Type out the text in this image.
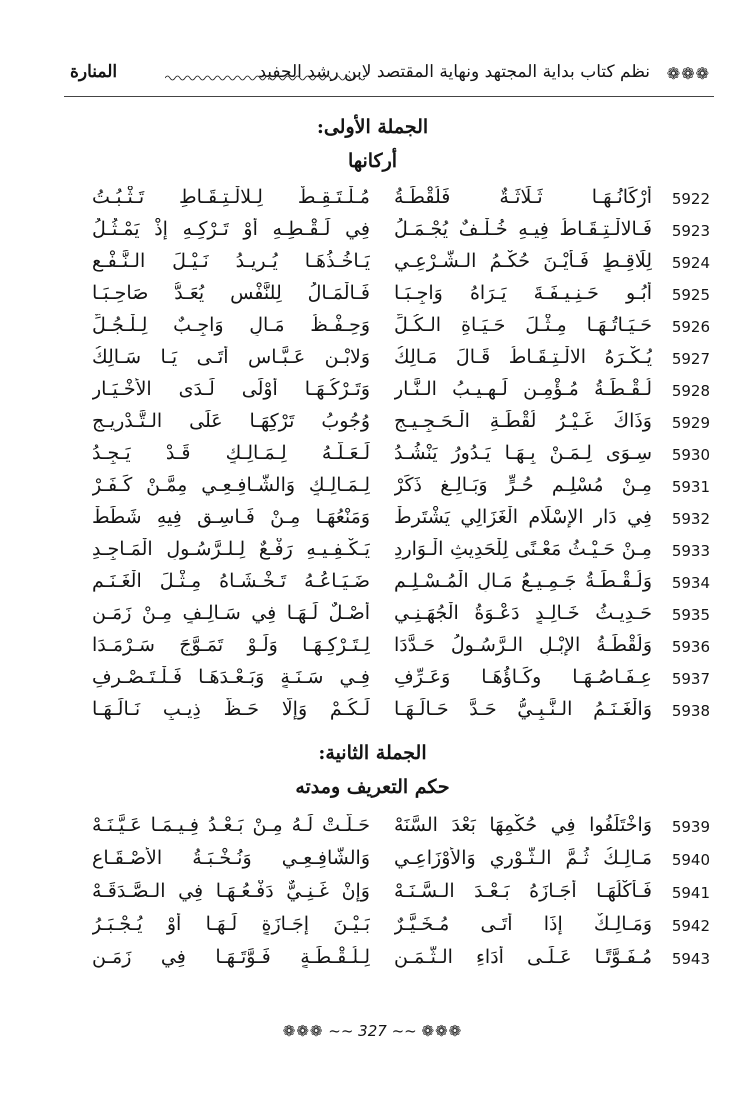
❁❁❁
نظم كتاب بداية المجتهد ونهاية المقتصد لابن رشد الحفيد
المنارة
الجملة الأولى:
أركانها
5922
أَرْكَانُـهَـا ثَـلَاثَـةٌ فَلُقْطَـةُ
مُـلْـتَـقِـطٌ لِـلالْـتِـقَـاطِ تَـثْـبُـتُ
5923
فَـالالْـتِـقَـاطُ فِيـهِ خُـلْـفٌ يُجْـمَـلُ
فِي لَـقْـطِـهِ أَوْ تَـرْكِـهِ إِذْ يَمْـثُـلُ
5924
لِلَاقِـطٍ فَـأَيْـنَ حُكْـمُ الـشَّـرْعِـي
يَـاخُـذُهَـا يُـرِيـدُ نَـيْـلَ الـنَّـفْـعِ
5925
أَبُـو حَـنِـيـفَـةَ يَـرَاهُ وَاجِـبَـا
فَـالْمَـالُ لِلنَّفْسِ يُعَـدُّ صَاحِـبَـا
5926
حَـيَـاتُـهَـا مِـثْـلَ حَـيَـاةِ الـكُـلِّ
وَحِـفْـظُ مَـالٍ وَاجِـبٌ لِـلْـجُـلِّ
5927
يُـكْـرَهُ الالْـتِـقَـاطُ قَـالَ مَـالِكُ
وَلابْـنِ عَـبَّـاسٍ أَتَـى يَـا سَـالِكُ
5928
لُـقْـطَـةُ مُـؤْمِـنٍ لَـهِـيـبُ الـنَّـارِ
وَتَـرْكُـهَـا أَوْلَى لَـدَى الأَخْـيَـارِ
5929
وَذَاكَ غَـيْـرُ لُقْطَـةِ الْـحَـجِـيـجِ
وُجُوبُ تَرْكِهَـا عَلَى الـتَّـدْرِيـجِ
5930
سِـوَى لِـمَـنْ بِـهَـا يَـدُورُ يَنْشُـدُ
لَـعَـلَّـهُ لِـمَـالِـكٍ قَـدْ يَـجِـدُ
5931
مِـنْ مُسْلِـمٍ حُـرٍّ وَبَـالِـغٍ ذَكَرْ
لِـمَـالِـكٍ وَالشَّـافِـعِـي مِمَّـنْ كَـفَـرْ
5932
فِي دَارِ الإِسْلَامِ الْغَزَالِي يَشْتَرِطْ
وَمَنْعُهَـا مِـنْ فَـاسِـقٍ فِيهِ شَطَطْ
5933
مِـنْ حَـيْـثُ مَعْـنًى لِلْحَدِيثِ الْـوَارِدِ
يَـكْـفِـيـهِ رَفْـعٌ لِـلـرَّسُـولِ الْمَـاجِـدِ
5934
وَلُـقْـطَـةُ جَـمِـيـعُ مَـالِ الْمُـسْـلِـمِ
ضَـيَـاعُـهُ تَـخْـشَـاهُ مِـثْـلَ الْغَـنَـمِ
5935
حَـدِيـثُ خَـالِـدٍ دَعْـوَةُ الْجُهَـنِـي
أَصْـلٌ لَـهَـا فِي سَـالِـفٍ مِـنْ زَمَـنِ
5936
وَلُقْطَـةُ الإِبْـلِ الـرَّسُـولُ حَـدَّدَا
لِـتَـرْكِـهَـا وَلَـوْ تَمَـوَّجَ سَـرْمَـدَا
5937
عِـفَـاصُـهَـا وِكَـاؤُهَـا وَعَـرِّفِ
فِـي سَـنَـةٍ وَبَـعْـدَهَـا فَـلْـتَـصْـرِفِ
5938
وَالْغَـنَـمُ الـنَّـبِـيُّ حَـدَّ حَـالَـهَـا
لَـكُـمْ وَإِلَّا حَـظُّ ذِيـبٍ نَـالَـهَـا
الجملة الثانية:
حكم التعريف ومدته
5939
وَاخْتَلَفُوا فِي حُكْمِهَا بَعْدَ السَّنَهْ
حَـلَّـتْ لَـهُ مِـنْ بَـعْـدُ فِـيـمَـا عَـيَّـنَـهْ
5940
مَـالِـكُ ثُـمَّ الـثَّـوْرِي وَالأَوْزَاعِـي
وَالشَّافِـعِـي وَنُـخْـبَـةُ الأَصْـقَـاعِ
5941
فَـأَكْلُهَـا أَجَـازَهُ بَـعْـدَ الـسَّـنَـهْ
وَإِنْ غَـنِـيٌّ دَفْـعُـهَـا فِي الـصَّـدَقَـهْ
5942
وَمَـالِـكٌ إِذَا أَتَـى مُـخَـيَّـرٌ
بَـيْـنَ إِجَـازَةٍ لَـهَـا أَوْ يُـجْـبَـرُ
5943
مُـفَـوَّتًـا عَـلَـى أَدَاءِ الـثَّـمَـنِ
لِـلُـقْـطَـةٍ فَـوَّتَـهَـا فِي زَمَـنِ
❁❁❁ ~~ 327 ~~ ❁❁❁
